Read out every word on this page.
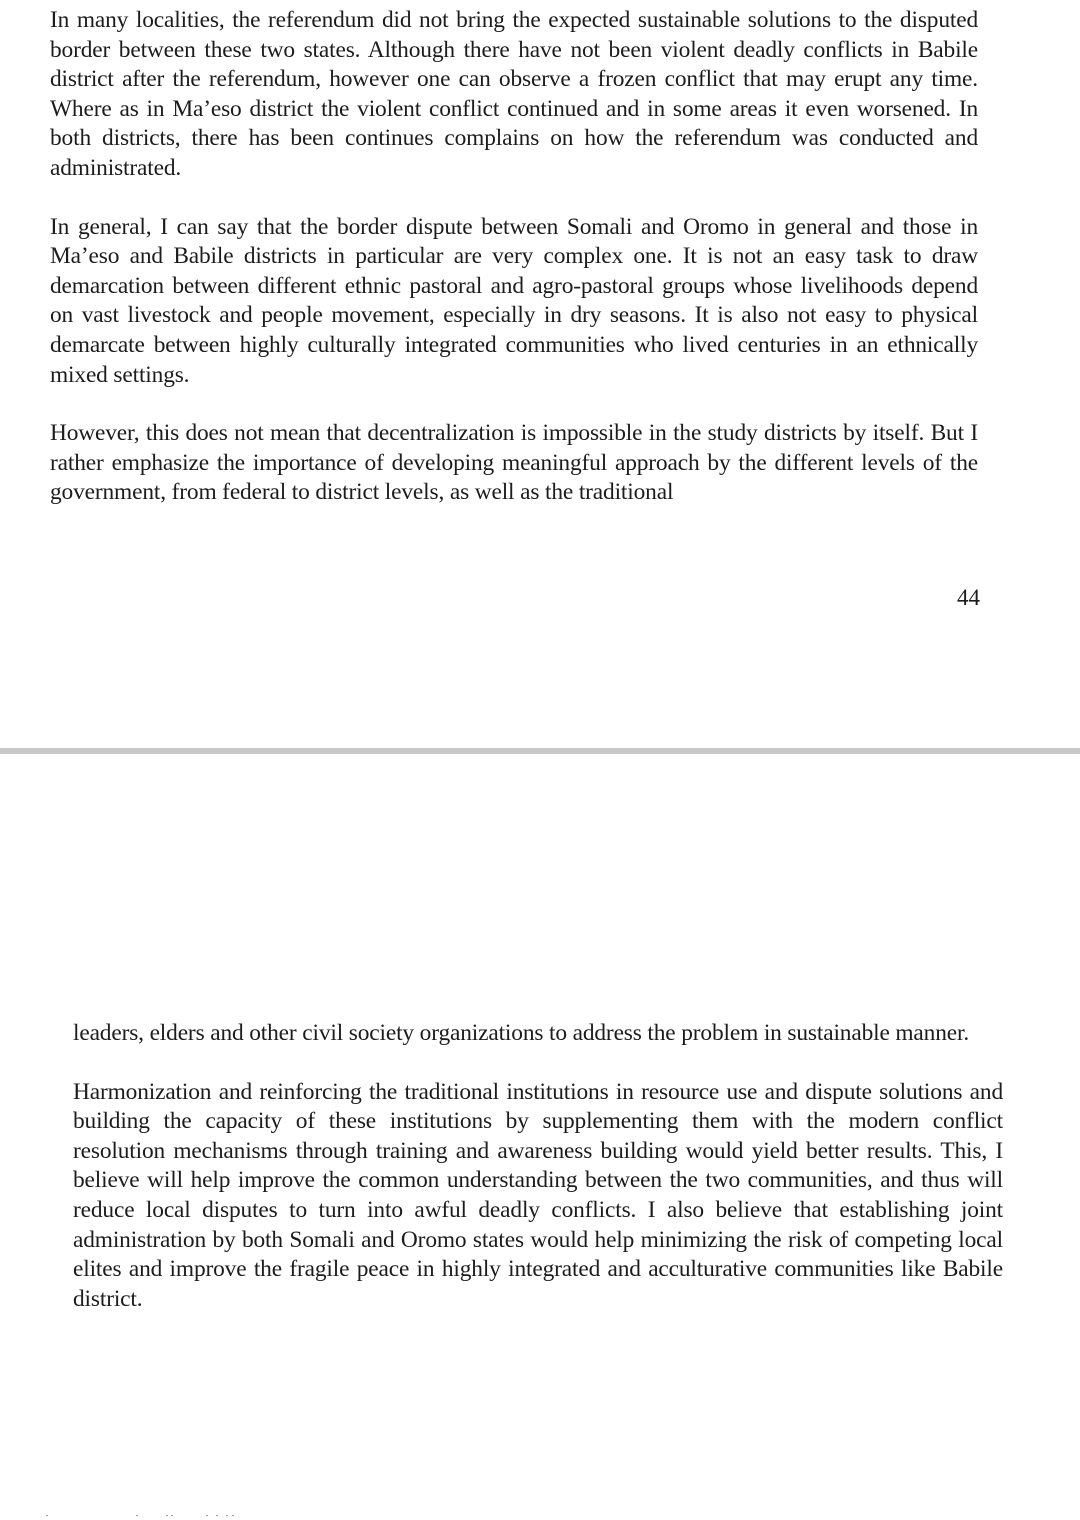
In many localities, the referendum did not bring the expected sustainable solutions to the disputed border between these two states. Although there have not been violent deadly conflicts in Babile district after the referendum, however one can observe a frozen conflict that may erupt any time. Where as in Ma’eso district the violent conflict continued and in some areas it even worsened. In both districts, there has been continues complains on how the referendum was conducted and administrated.

In general, I can say that the border dispute between Somali and Oromo in general and those in Ma’eso and Babile districts in particular are very complex one. It is not an easy task to draw demarcation between different ethnic pastoral and agro-pastoral groups whose livelihoods depend on vast livestock and people movement, especially in dry seasons. It is also not easy to physical demarcate between highly culturally integrated communities who lived centuries in an ethnically mixed settings.

However, this does not mean that decentralization is impossible in the study districts by itself. But I rather emphasize the importance of developing meaningful approach by the different levels of the government, from federal to district levels, as well as the traditional

44

leaders, elders and other civil society organizations to address the problem in sustainable manner.

Harmonization and reinforcing the traditional institutions in resource use and dispute solutions and building the capacity of these institutions by supplementing them with the modern conflict resolution mechanisms through training and awareness building would yield better results. This, I believe will help improve the common understanding between the two communities, and thus will reduce local disputes to turn into awful deadly conflicts. I also believe that establishing joint administration by both Somali and Oromo states would help minimizing the risk of competing local elites and improve the fragile peace in highly integrated and acculturative communities like Babile district.
